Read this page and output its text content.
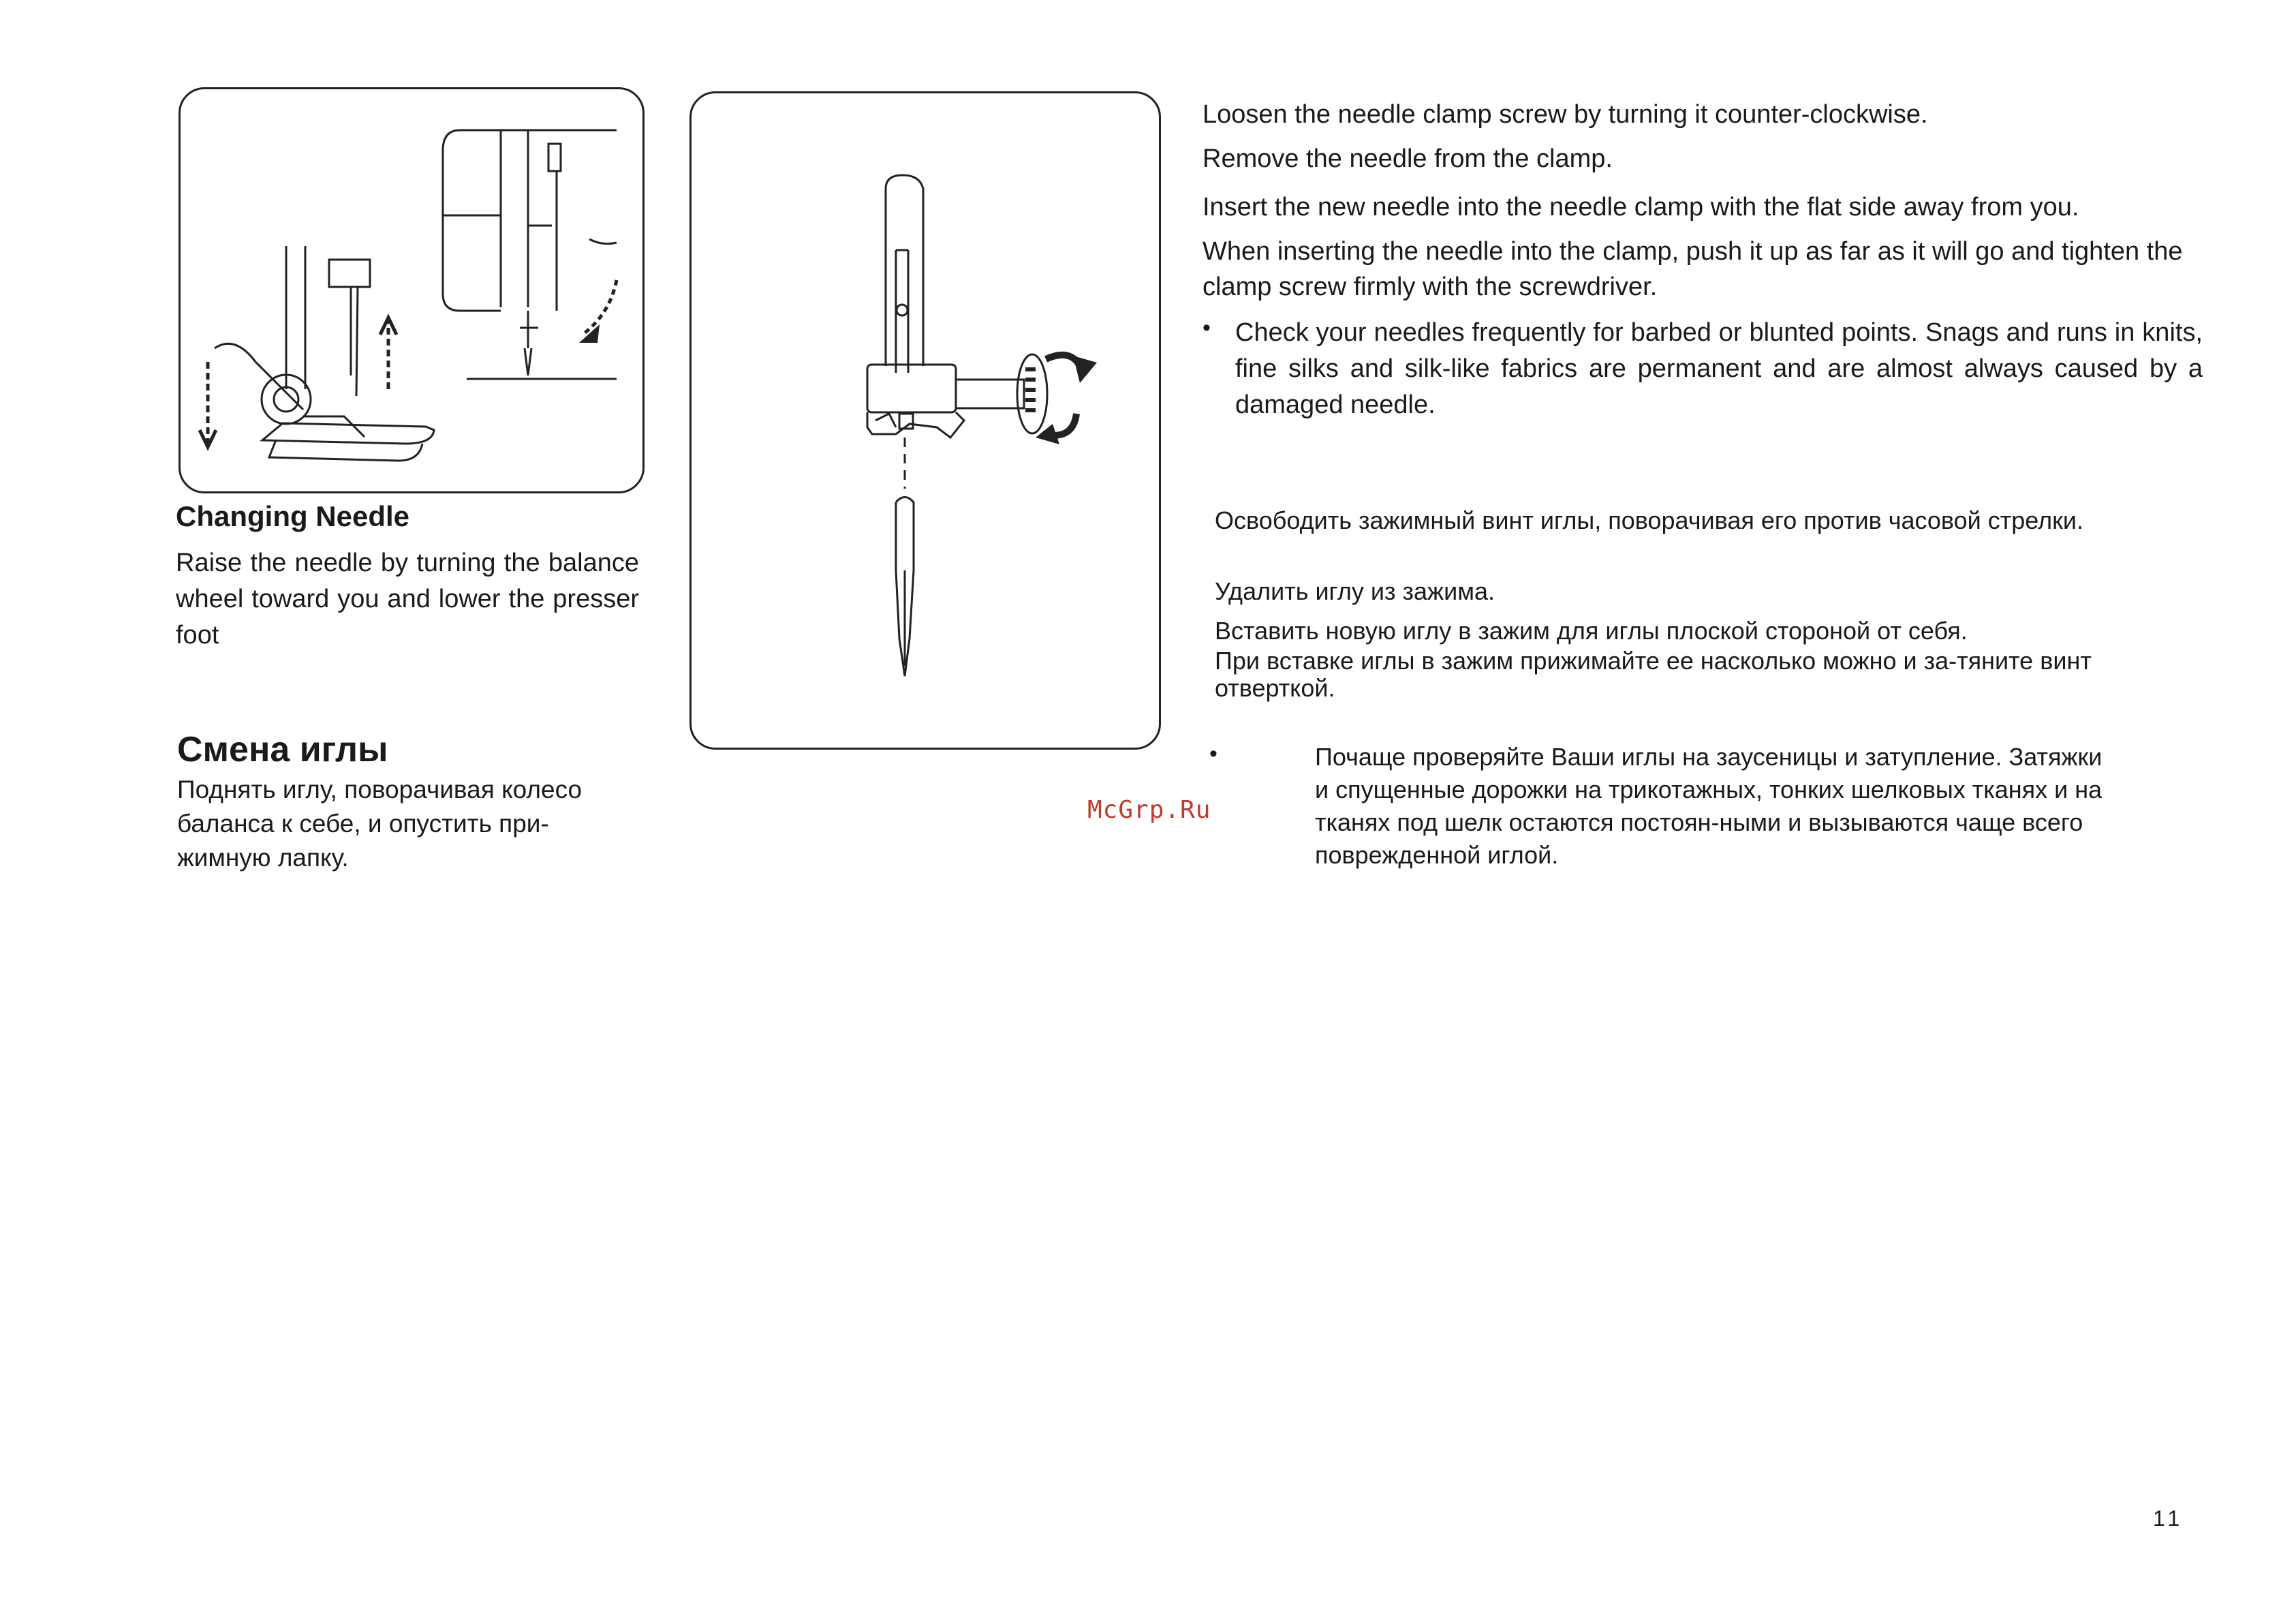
Changing Needle

Raise the needle by turning the balance wheel toward you and lower the presser foot

Смена иглы

Поднять иглу, поворачивая колесо баланса к себе, и опустить при-жимную лапку.

Loosen the needle clamp screw by turning it counter-clockwise.

Remove the needle from the clamp.

Insert the new needle into the needle clamp with the flat side away from you.

When inserting the needle into the clamp, push it up as far as it will go and tighten the clamp screw firmly with the screwdriver.

• Check your needles frequently for barbed or blunted points. Snags and runs in knits, fine silks and silk-like fabrics are permanent and are almost always caused by a damaged needle.

Освободить зажимный винт иглы, поворачивая его против часовой стрелки.

Удалить иглу из зажима.

Вставить новую иглу в зажим для иглы плоской стороной от себя.

При вставке иглы в зажим прижимайте ее насколько можно и за-тяните винт отверткой.

•	Почаще проверяйте Ваши иглы на заусеницы и затупление. Затяжки и спущенные дорожки на трикотажных, тонких шелковых тканях и на тканях под шелк остаются постоян-ными и вызываются чаще всего поврежденной иглой.

McGrp.Ru
11
